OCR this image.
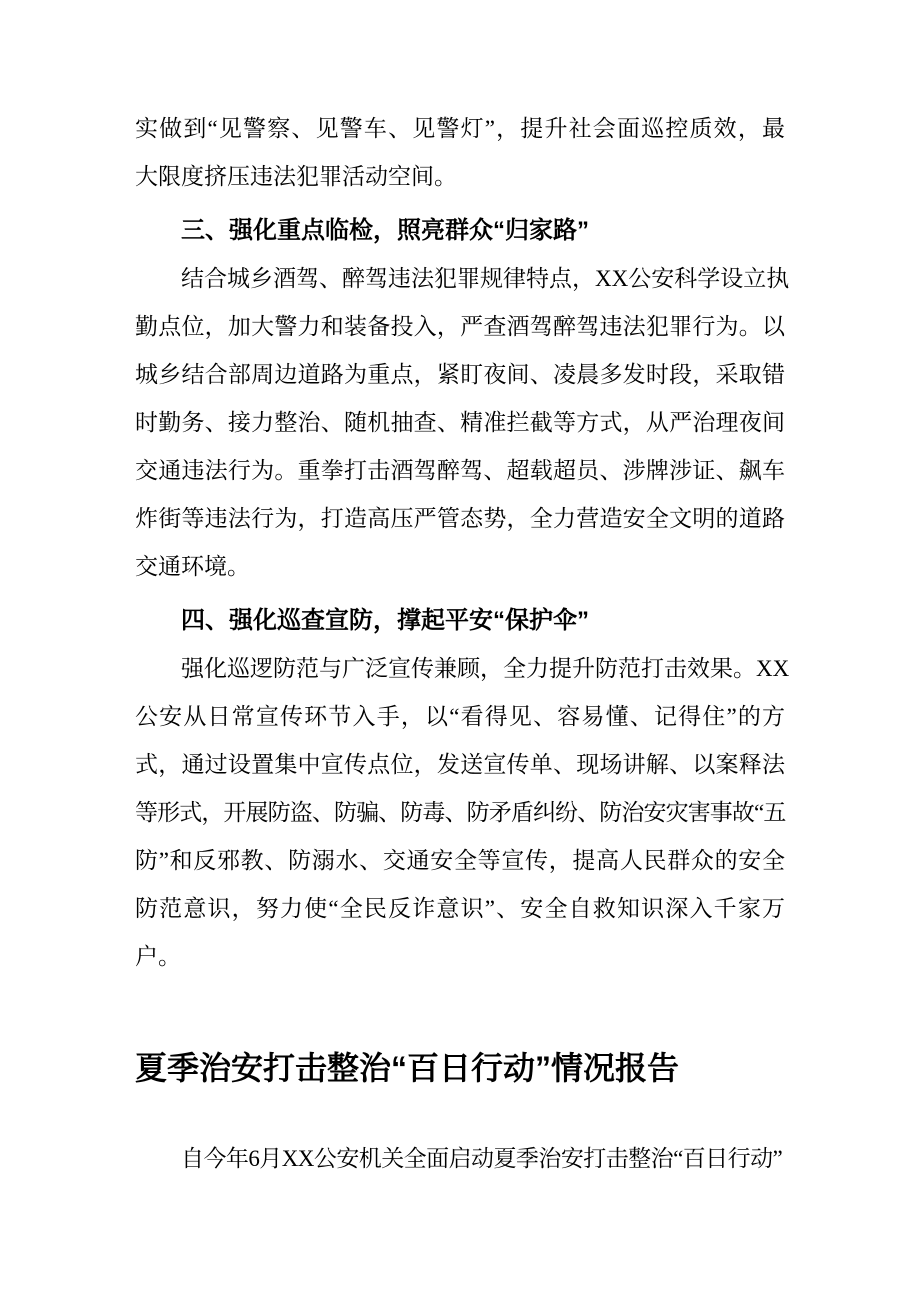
实做到“见警察、见警车、见警灯”，提升社会面巡控质效，最
大限度挤压违法犯罪活动空间。
三、强化重点临检，照亮群众“归家路”
结合城乡酒驾、醉驾违法犯罪规律特点，XX公安科学设立执
勤点位，加大警力和装备投入，严查酒驾醉驾违法犯罪行为。以
城乡结合部周边道路为重点，紧盯夜间、凌晨多发时段，采取错
时勤务、接力整治、随机抽查、精准拦截等方式，从严治理夜间
交通违法行为。重拳打击酒驾醉驾、超载超员、涉牌涉证、飙车
炸街等违法行为，打造高压严管态势，全力营造安全文明的道路
交通环境。
四、强化巡查宣防，撑起平安“保护伞”
强化巡逻防范与广泛宣传兼顾，全力提升防范打击效果。XX
公安从日常宣传环节入手，以“看得见、容易懂、记得住”的方
式，通过设置集中宣传点位，发送宣传单、现场讲解、以案释法
等形式，开展防盗、防骗、防毒、防矛盾纠纷、防治安灾害事故“五
防”和反邪教、防溺水、交通安全等宣传，提高人民群众的安全
防范意识，努力使“全民反诈意识”、安全自救知识深入千家万
户。
夏季治安打击整治“百日行动”情况报告
自今年6月XX公安机关全面启动夏季治安打击整治“百日行动”
